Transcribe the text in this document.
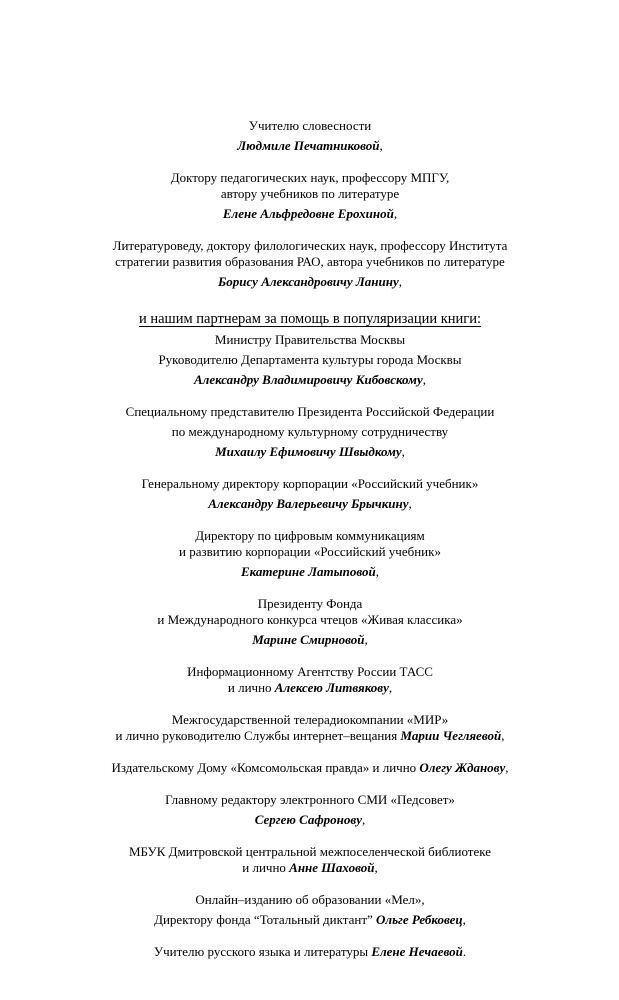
Учителю словесности
Людмиле Печатниковой,
Доктору педагогических наук, профессору МПГУ,
автору учебников по литературе
Елене Альфредовне Ерохиной,
Литературоведу, доктору филологических наук, профессору Института
стратегии развития образования РАО, автора учебников по литературе
Борису Александровичу Ланину,
и нашим партнерам за помощь в популяризации книги:
Министру Правительства Москвы
Руководителю Департамента культуры города Москвы
Александру Владимировичу Кибовскому,
Специальному представителю Президента Российской Федерации
по международному культурному сотрудничеству
Михаилу Ефимовичу Швыдкому,
Генеральному директору корпорации «Российский учебник»
Александру Валерьевичу Брычкину,
Директору по цифровым коммуникациям
и развитию корпорации «Российский учебник»
Екатерине Латыповой,
Президенту Фонда
и Международного конкурса чтецов «Живая классика»
Марине Смирновой,
Информационному Агентству России ТАСС
и лично Алексею Литвякову,
Межгосударственной телерадиокомпании «МИР»
и лично руководителю Службы интернет–вещания Марии Чегляевой,
Издательскому Дому «Комсомольская правда» и лично Олегу Жданову,
Главному редактору электронного СМИ «Педсовет»
Сергею Сафронову,
МБУК Дмитровской центральной межпоселенческой библиотеке
и лично Анне Шаховой,
Онлайн–изданию об образовании «Мел»,
Директору фонда “Тотальный диктант” Ольге Ребковец,
Учителю русского языка и литературы Елене Нечаевой.
